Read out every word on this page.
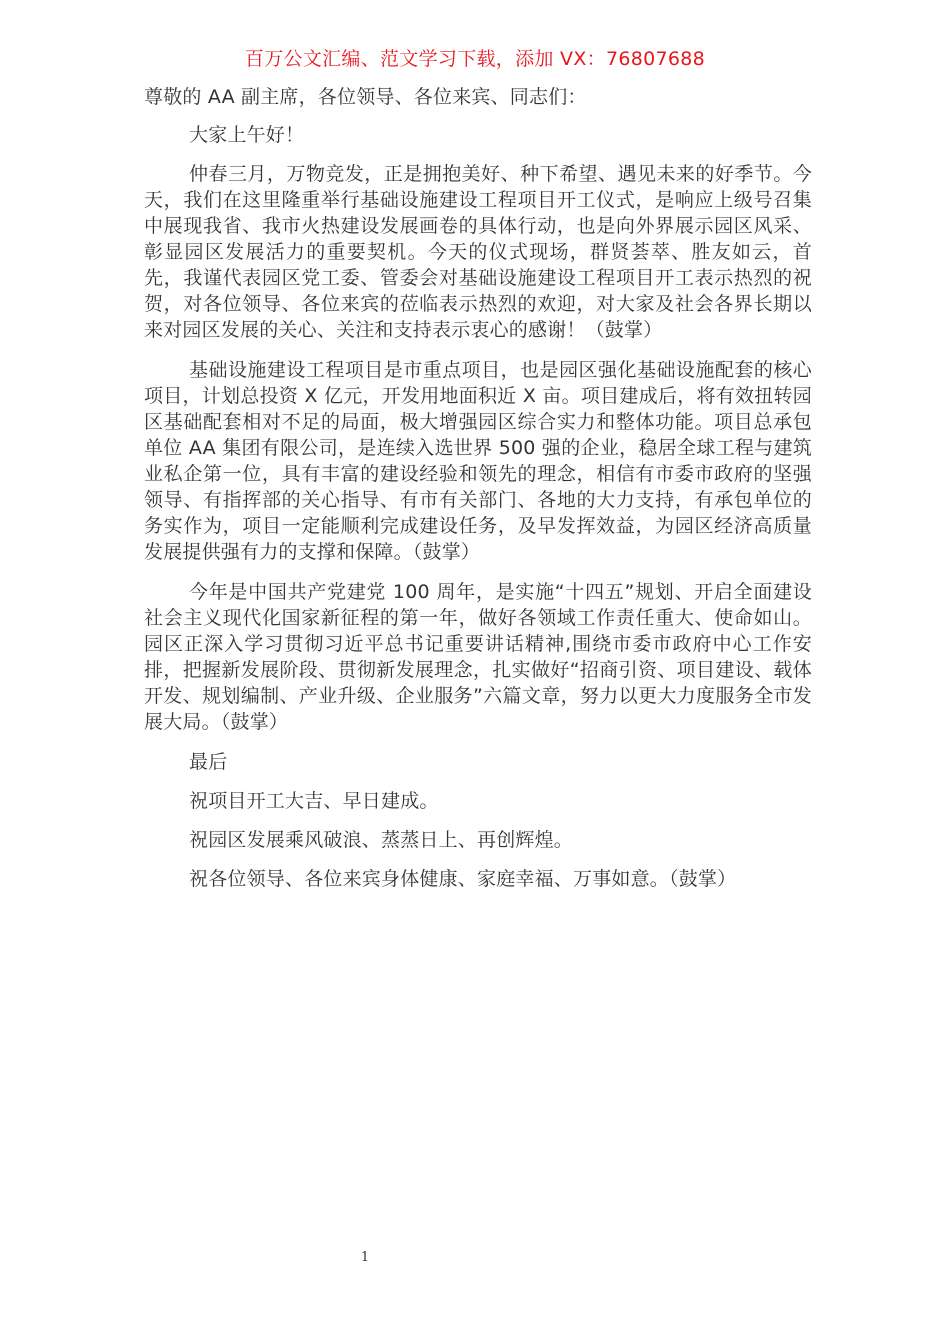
百万公文汇编、范文学习下载，添加 VX：76807688

尊敬的 AA 副主席，各位领导、各位来宾、同志们：

大家上午好！

仲春三月，万物竞发，正是拥抱美好、种下希望、遇见未来的好季节。今天，我们在这里隆重举行基础设施建设工程项目开工仪式，是响应上级号召集中展现我省、我市火热建设发展画卷的具体行动，也是向外界展示园区风采、彰显园区发展活力的重要契机。今天的仪式现场，群贤荟萃、胜友如云，首先，我谨代表园区党工委、管委会对基础设施建设工程项目开工表示热烈的祝贺，对各位领导、各位来宾的莅临表示热烈的欢迎，对大家及社会各界长期以来对园区发展的关心、关注和支持表示衷心的感谢！（鼓掌）

基础设施建设工程项目是市重点项目，也是园区强化基础设施配套的核心项目，计划总投资 X 亿元，开发用地面积近 X 亩。项目建成后，将有效扭转园区基础配套相对不足的局面，极大增强园区综合实力和整体功能。项目总承包单位 AA 集团有限公司，是连续入选世界 500 强的企业，稳居全球工程与建筑业私企第一位，具有丰富的建设经验和领先的理念，相信有市委市政府的坚强领导、有指挥部的关心指导、有市有关部门、各地的大力支持，有承包单位的务实作为，项目一定能顺利完成建设任务，及早发挥效益，为园区经济高质量发展提供强有力的支撑和保障。（鼓掌）

今年是中国共产党建党 100 周年，是实施“十四五”规划、开启全面建设社会主义现代化国家新征程的第一年，做好各领域工作责任重大、使命如山。园区正深入学习贯彻习近平总书记重要讲话精神,围绕市委市政府中心工作安排，把握新发展阶段、贯彻新发展理念，扎实做好“招商引资、项目建设、载体开发、规划编制、产业升级、企业服务”六篇文章，努力以更大力度服务全市发展大局。（鼓掌）

最后

祝项目开工大吉、早日建成。

祝园区发展乘风破浪、蒸蒸日上、再创辉煌。

祝各位领导、各位来宾身体健康、家庭幸福、万事如意。（鼓掌）

1
